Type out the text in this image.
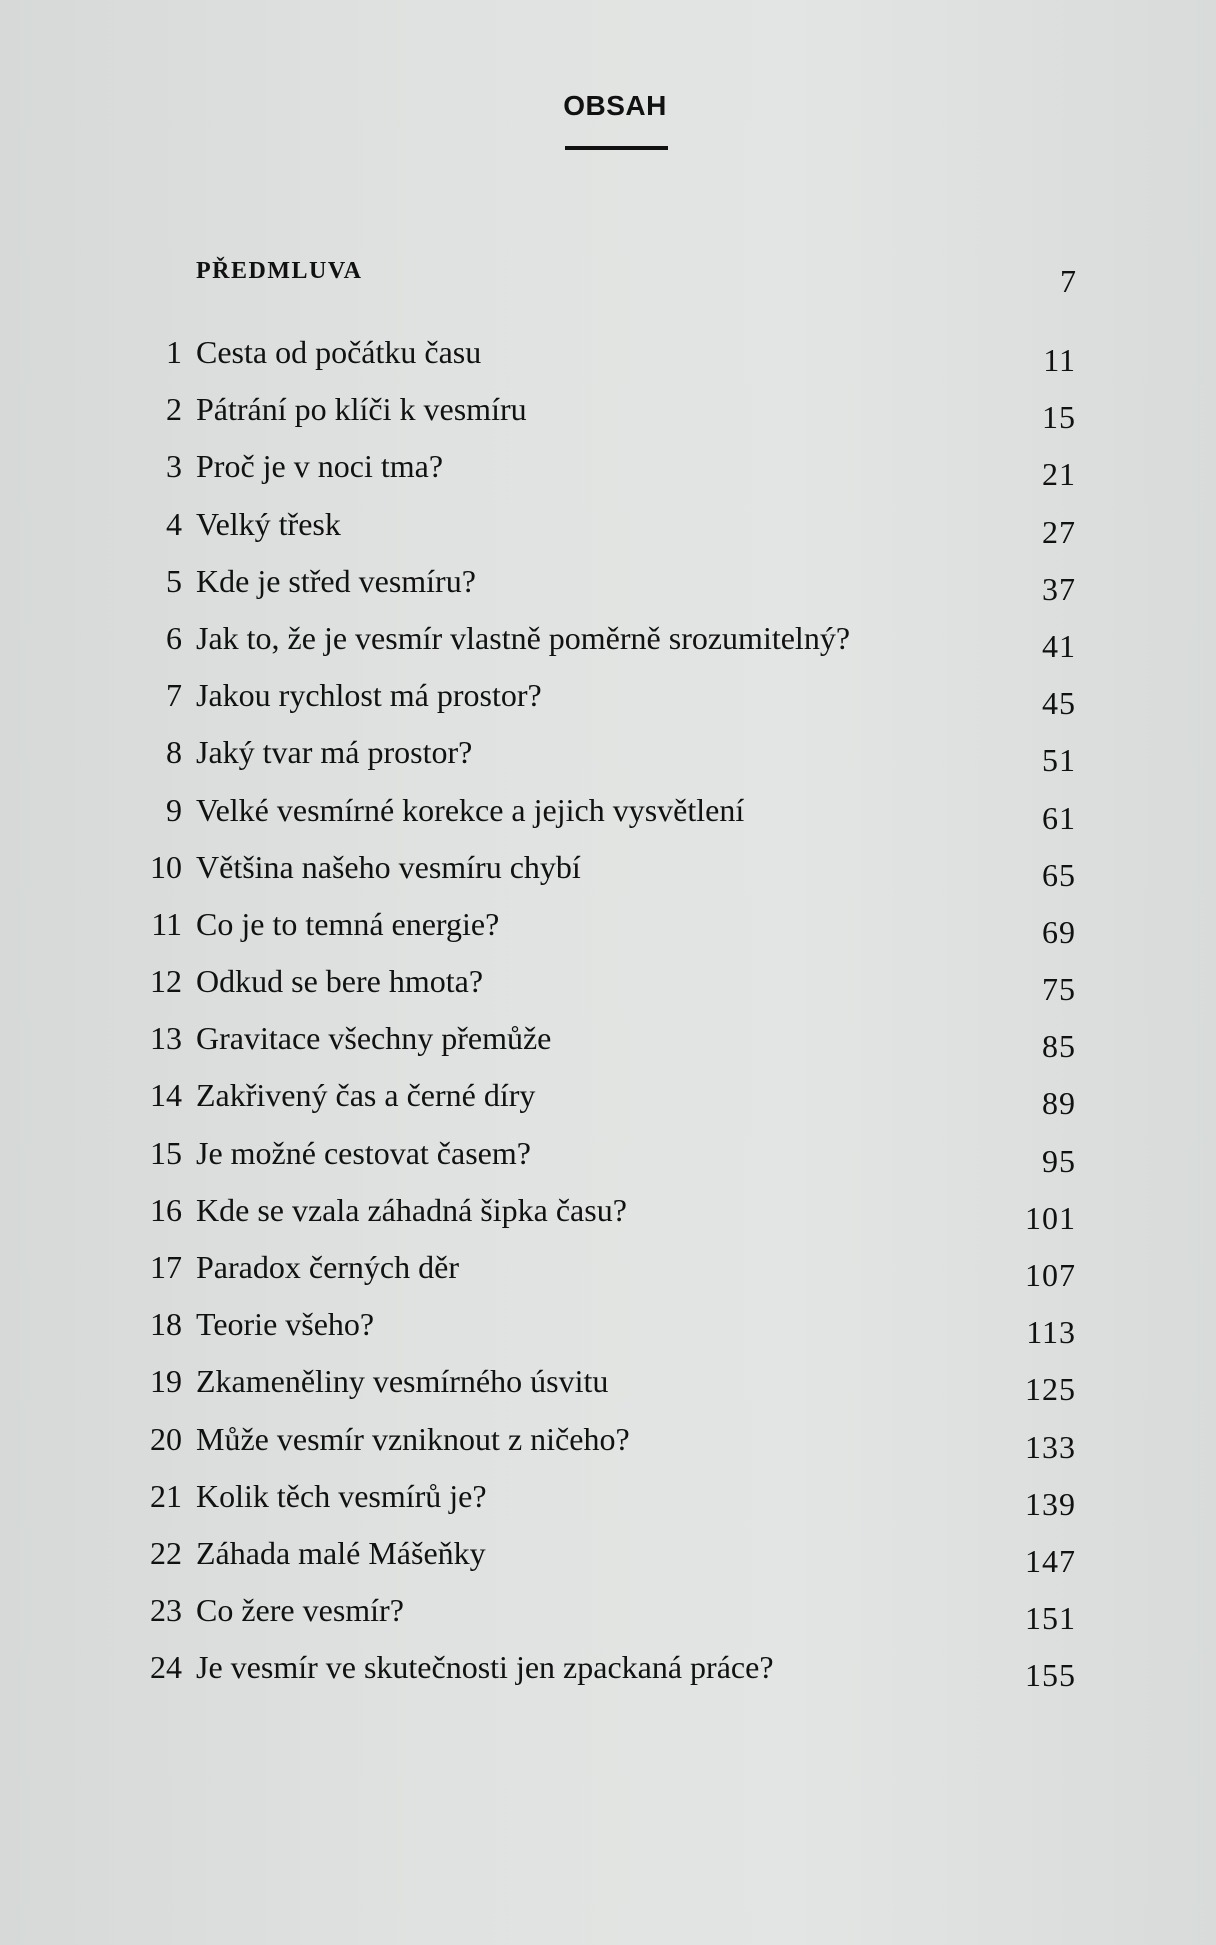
OBSAH
PŘEDMLUVA	7
1 Cesta od počátku času	11
2 Pátrání po klíči k vesmíru	15
3 Proč je v noci tma?	21
4 Velký třesk	27
5 Kde je střed vesmíru?	37
6 Jak to, že je vesmír vlastně poměrně srozumitelný?	41
7 Jakou rychlost má prostor?	45
8 Jaký tvar má prostor?	51
9 Velké vesmírné korekce a jejich vysvětlení	61
10 Většina našeho vesmíru chybí	65
11 Co je to temná energie?	69
12 Odkud se bere hmota?	75
13 Gravitace všechny přemůže	85
14 Zakřivený čas a černé díry	89
15 Je možné cestovat časem?	95
16 Kde se vzala záhadná šipka času?	101
17 Paradox černých děr	107
18 Teorie všeho?	113
19 Zkameněliny vesmírného úsvitu	125
20 Může vesmír vzniknout z ničeho?	133
21 Kolik těch vesmírů je?	139
22 Záhada malé Mášeňky	147
23 Co žere vesmír?	151
24 Je vesmír ve skutečnosti jen zpackaná práce?	155
